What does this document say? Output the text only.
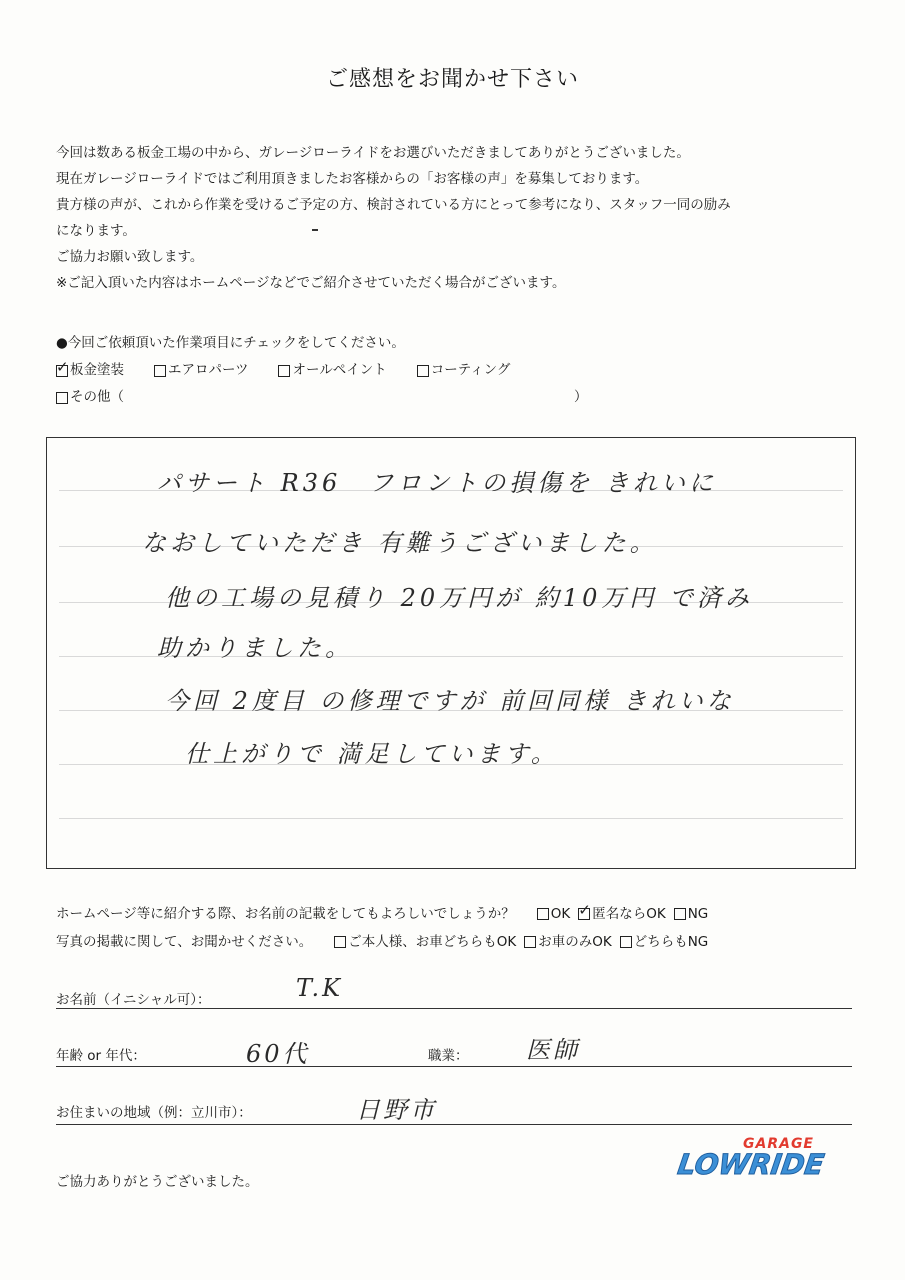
ご感想をお聞かせ下さい

今回は数ある板金工場の中から、ガレージローライドをお選びいただきましてありがとうございました。

現在ガレージローライドではご利用頂きましたお客様からの「お客様の声」を募集しております。

貴方様の声が、これから作業を受けるご予定の方、検討されている方にとって参考になり、スタッフ一同の励み

になります。

ご協力お願い致します。

※ご記入頂いた内容はホームページなどでご紹介させていただく場合がございます。

●今回ご依頼頂いた作業項目にチェックをしてください。
✓ 板金塗装	エアロパーツ	オールペイント	コーティング
その他（	）
パサート R36　フロントの損傷を きれいに
なおしていただき 有難うございました。
他の工場の見積り 20万円が 約10万円 で済み
助かりました。
今回 2度目 の修理ですが 前回同様 きれいな
仕上がりで 満足しています。
ホームページ等に紹介する際、お名前の記載をしてもよろしいでしょうか？	OK ✓ 匿名ならOK NG
写真の掲載に関して、お聞かせください。	ご本人様、お車どちらもOK お車のみOK どちらもNG
お名前（イニシャル可）：	T.K
年齢 or 年代：	60代	職業： 医師
お住まいの地域（例：立川市）：	日野市
ご協力ありがとうございました。
GARAGE
LOWRIDE
